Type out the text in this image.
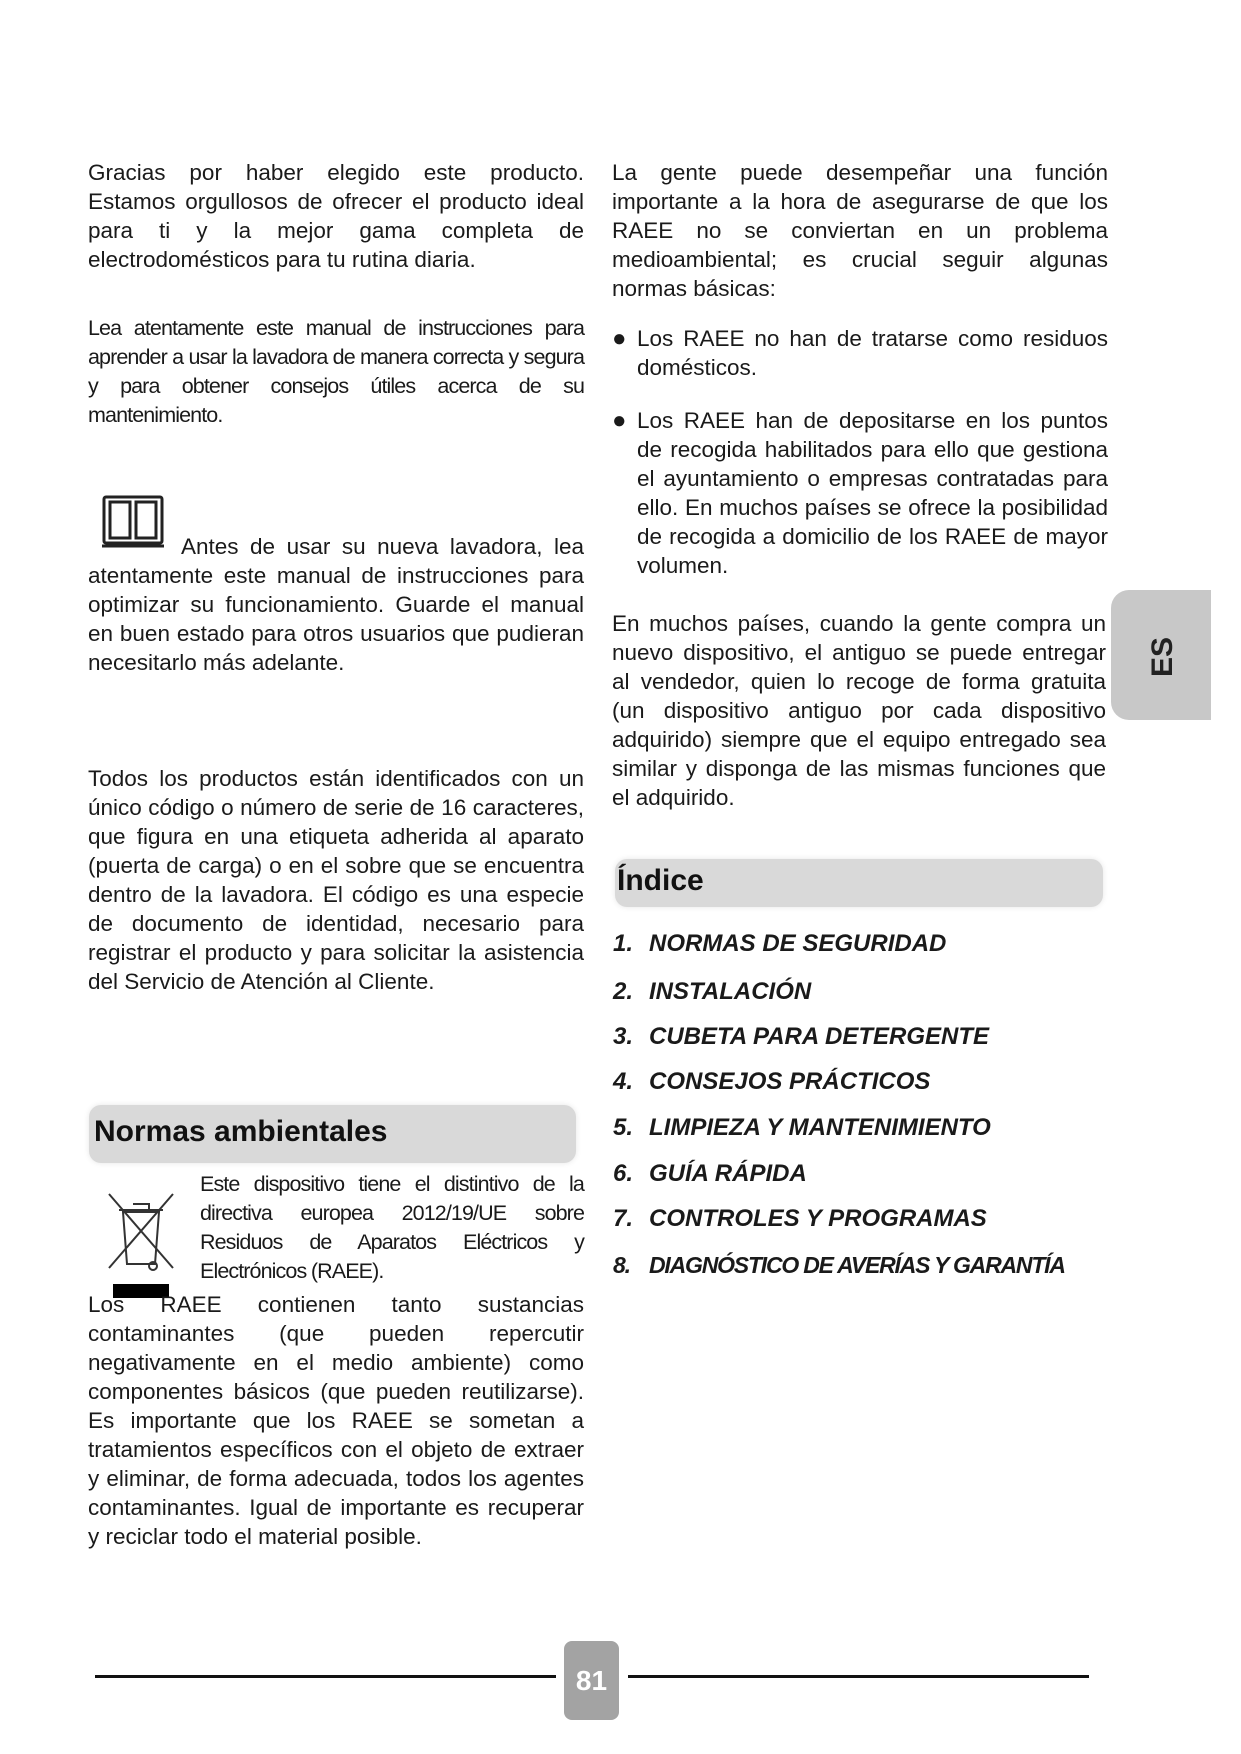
Gracias por haber elegido este producto. Estamos orgullosos de ofrecer el producto ideal para ti y la mejor gama completa de electrodomésticos para tu rutina diaria.

Lea atentamente este manual de instrucciones para aprender a usar la lavadora de manera correcta y segura y para obtener consejos útiles acerca de su mantenimiento.

Antes de usar su nueva lavadora, lea atentamente este manual de instrucciones para optimizar su funcionamiento. Guarde el manual en buen estado para otros usuarios que pudieran necesitarlo más adelante.

Todos los productos están identificados con un único código o número de serie de 16 caracteres, que figura en una etiqueta adherida al aparato (puerta de carga) o en el sobre que se encuentra dentro de la lavadora. El código es una especie de documento de identidad, necesario para registrar el producto y para solicitar la asistencia del Servicio de Atención al Cliente.

Normas ambientales

Este dispositivo tiene el distintivo de la directiva europea 2012/19/UE sobre Residuos de Aparatos Eléctricos y Electrónicos (RAEE).

Los RAEE contienen tanto sustancias contaminantes (que pueden repercutir negativamente en el medio ambiente) como componentes básicos (que pueden reutilizarse). Es importante que los RAEE se sometan a tratamientos específicos con el objeto de extraer y eliminar, de forma adecuada, todos los agentes contaminantes. Igual de importante es recuperar y reciclar todo el material posible.

La gente puede desempeñar una función importante a la hora de asegurarse de que los RAEE no se conviertan en un problema medioambiental; es crucial seguir algunas normas básicas:

● Los RAEE no han de tratarse como residuos domésticos.
● Los RAEE han de depositarse en los puntos de recogida habilitados para ello que gestiona el ayuntamiento o empresas contratadas para ello. En muchos países se ofrece la posibilidad de recogida a domicilio de los RAEE de mayor volumen.

En muchos países, cuando la gente compra un nuevo dispositivo, el antiguo se puede entregar al vendedor, quien lo recoge de forma gratuita (un dispositivo antiguo por cada dispositivo adquirido) siempre que el equipo entregado sea similar y disponga de las mismas funciones que el adquirido.

Índice
1. NORMAS DE SEGURIDAD
2. INSTALACIÓN
3. CUBETA PARA DETERGENTE
4. CONSEJOS PRÁCTICOS
5. LIMPIEZA Y MANTENIMIENTO
6. GUÍA RÁPIDA
7. CONTROLES Y PROGRAMAS
8. DIAGNÓSTICO DE AVERÍAS Y GARANTÍA
ES
81
